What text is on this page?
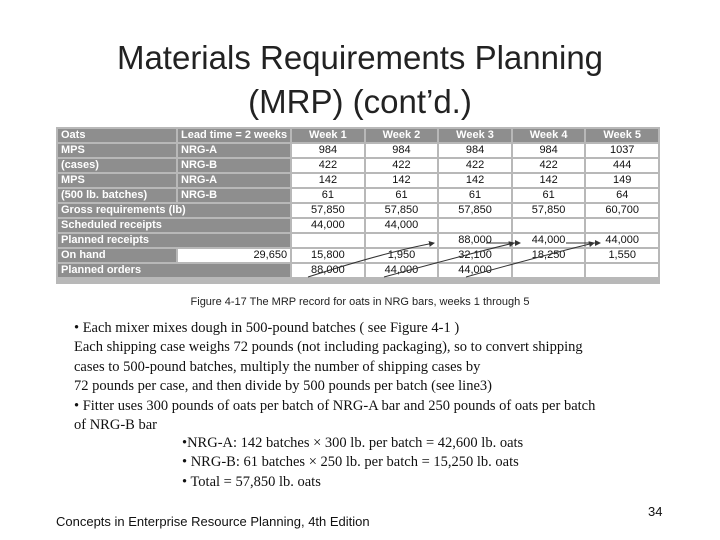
Materials Requirements Planning
(MRP) (cont’d.)
Oats	Lead time = 2 weeks	Week 1	Week 2	Week 3	Week 4	Week 5
MPS	NRG-A	984	984	984	984	1037
(cases)	NRG-B	422	422	422	422	444
MPS	NRG-A	142	142	142	142	149
(500 lb. batches)	NRG-B	61	61	61	61	64
Gross requirements (lb)		57,850	57,850	57,850	57,850	60,700
Scheduled receipts		44,000	44,000			
Planned receipts				88,000	44,000	44,000
On hand	29,650	15,800	1,950	32,100	18,250	1,550
Planned orders		88,000	44,000	44,000		
Figure 4-17 The MRP record for oats in NRG bars, weeks 1 through 5

• Each mixer mixes dough in 500-pound batches ( see Figure 4-1 )

Each shipping case weighs 72 pounds (not including packaging), so to convert shipping

cases to 500-pound batches, multiply the number of shipping cases by

72 pounds per case, and then divide by 500 pounds per batch (see line3)

• Fitter uses 300 pounds of oats per batch of NRG-A bar and 250 pounds of oats per batch

of NRG-B bar

•NRG-A: 142 batches × 300 lb. per batch = 42,600 lb. oats

• NRG-B: 61 batches × 250 lb. per batch = 15,250 lb. oats

• Total = 57,850 lb. oats

Concepts in Enterprise Resource Planning, 4th Edition
34
